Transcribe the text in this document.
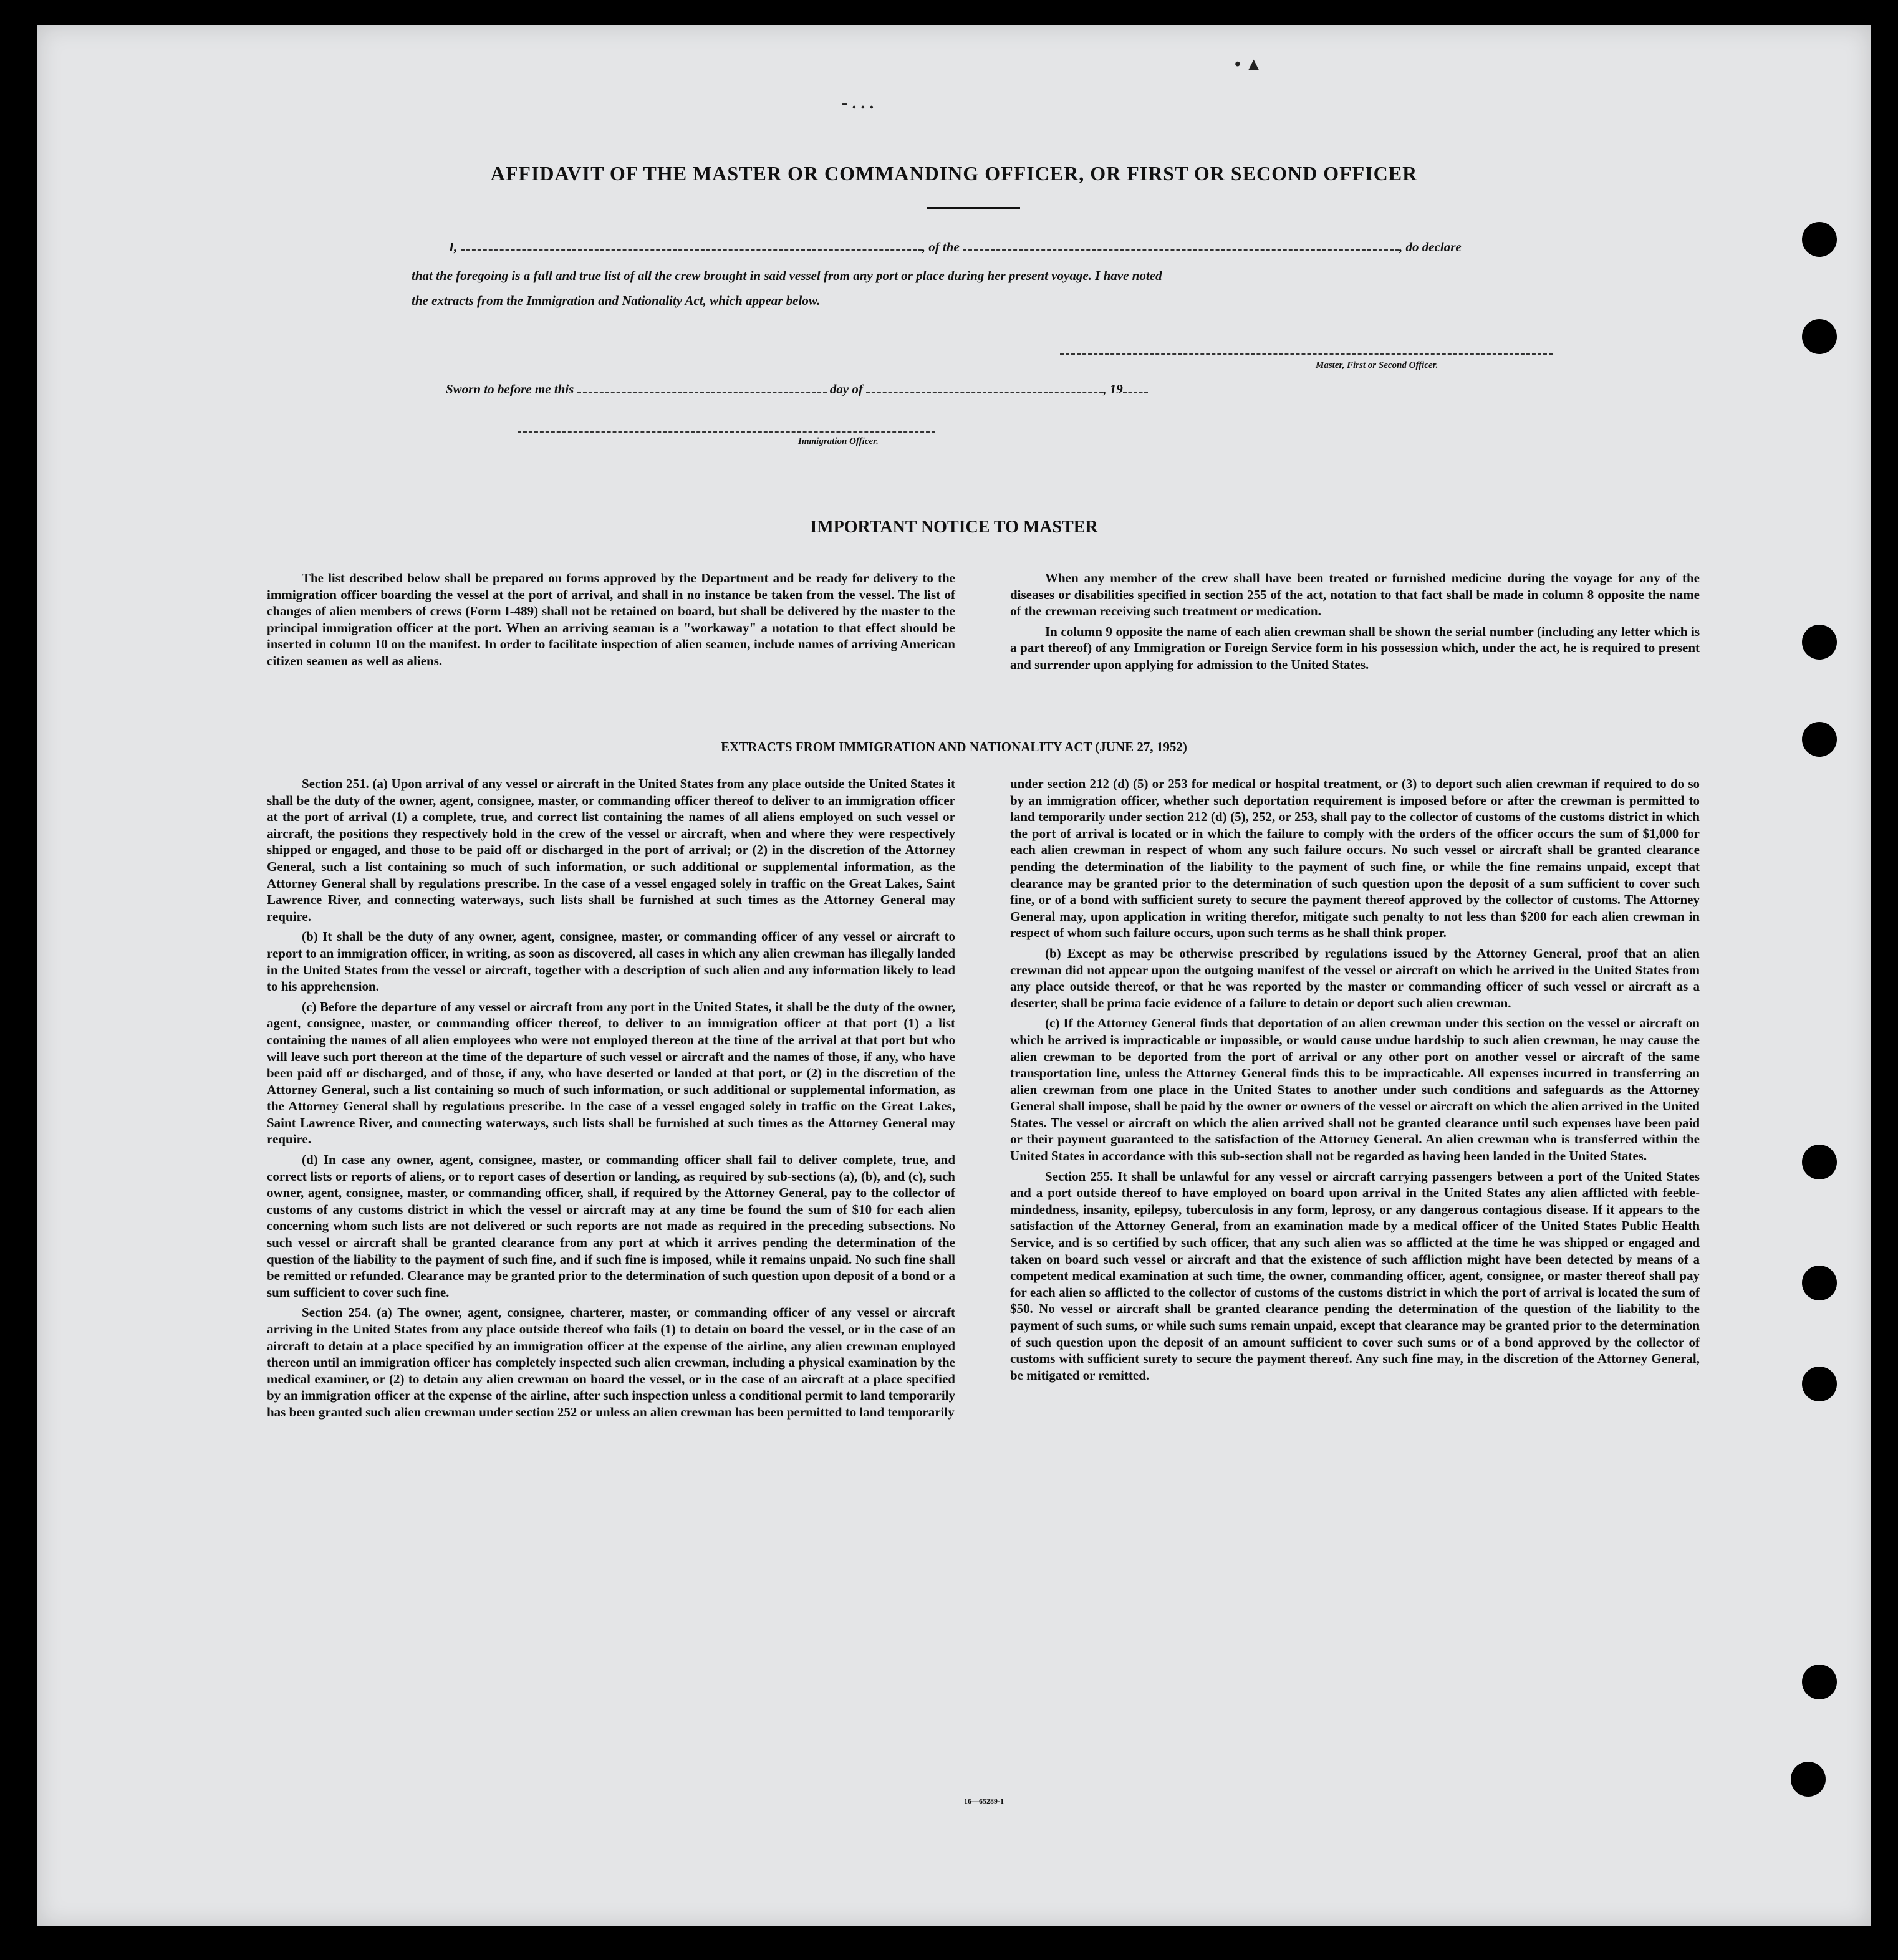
• ▲
- . . .
AFFIDAVIT OF THE MASTER OR COMMANDING OFFICER, OR FIRST OR SECOND OFFICER
I,	, of the	, do declare
that the foregoing is a full and true list of all the crew brought in said vessel from any port or place during her present voyage. I have noted
the extracts from the Immigration and Nationality Act, which appear below.
Master, First or Second Officer.
Sworn to before me this	day of	, 19
Immigration Officer.
IMPORTANT NOTICE TO MASTER

The list described below shall be prepared on forms approved by the Department and be ready for delivery to the immigration officer boarding the vessel at the port of arrival, and shall in no instance be taken from the vessel. The list of changes of alien members of crews (Form I-489) shall not be retained on board, but shall be delivered by the master to the principal immigration officer at the port. When an arriving seaman is a "workaway" a notation to that effect should be inserted in column 10 on the manifest. In order to facilitate inspection of alien seamen, include names of arriving American citizen seamen as well as aliens.

When any member of the crew shall have been treated or furnished medicine during the voyage for any of the diseases or disabilities specified in section 255 of the act, notation to that fact shall be made in column 8 opposite the name of the crewman receiving such treatment or medication.

In column 9 opposite the name of each alien crewman shall be shown the serial number (including any letter which is a part thereof) of any Immigration or Foreign Service form in his possession which, under the act, he is required to present and surrender upon applying for admission to the United States.

EXTRACTS FROM IMMIGRATION AND NATIONALITY ACT (JUNE 27, 1952)

Section 251. (a) Upon arrival of any vessel or aircraft in the United States from any place outside the United States it shall be the duty of the owner, agent, consignee, master, or commanding officer thereof to deliver to an immigration officer at the port of arrival (1) a complete, true, and correct list containing the names of all aliens employed on such vessel or aircraft, the positions they respectively hold in the crew of the vessel or aircraft, when and where they were respectively shipped or engaged, and those to be paid off or discharged in the port of arrival; or (2) in the discretion of the Attorney General, such a list containing so much of such information, or such additional or supplemental information, as the Attorney General shall by regulations prescribe. In the case of a vessel engaged solely in traffic on the Great Lakes, Saint Lawrence River, and connecting waterways, such lists shall be furnished at such times as the Attorney General may require.

(b) It shall be the duty of any owner, agent, consignee, master, or commanding officer of any vessel or aircraft to report to an immigration officer, in writing, as soon as discovered, all cases in which any alien crewman has illegally landed in the United States from the vessel or aircraft, together with a description of such alien and any information likely to lead to his apprehension.

(c) Before the departure of any vessel or aircraft from any port in the United States, it shall be the duty of the owner, agent, consignee, master, or commanding officer thereof, to deliver to an immigration officer at that port (1) a list containing the names of all alien employees who were not employed thereon at the time of the arrival at that port but who will leave such port thereon at the time of the departure of such vessel or aircraft and the names of those, if any, who have been paid off or discharged, and of those, if any, who have deserted or landed at that port, or (2) in the discretion of the Attorney General, such a list containing so much of such information, or such additional or supplemental information, as the Attorney General shall by regulations prescribe. In the case of a vessel engaged solely in traffic on the Great Lakes, Saint Lawrence River, and connecting waterways, such lists shall be furnished at such times as the Attorney General may require.

(d) In case any owner, agent, consignee, master, or commanding officer shall fail to deliver complete, true, and correct lists or reports of aliens, or to report cases of desertion or landing, as required by sub-sections (a), (b), and (c), such owner, agent, consignee, master, or commanding officer, shall, if required by the Attorney General, pay to the collector of customs of any customs district in which the vessel or aircraft may at any time be found the sum of $10 for each alien concerning whom such lists are not delivered or such reports are not made as required in the preceding subsections. No such vessel or aircraft shall be granted clearance from any port at which it arrives pending the determination of the question of the liability to the payment of such fine, and if such fine is imposed, while it remains unpaid. No such fine shall be remitted or refunded. Clearance may be granted prior to the determination of such question upon deposit of a bond or a sum sufficient to cover such fine.

Section 254. (a) The owner, agent, consignee, charterer, master, or commanding officer of any vessel or aircraft arriving in the United States from any place outside thereof who fails (1) to detain on board the vessel, or in the case of an aircraft to detain at a place specified by an immigration officer at the expense of the airline, any alien crewman employed thereon until an immigration officer has completely inspected such alien crewman, including a physical examination by the medical examiner, or (2) to detain any alien crewman on board the vessel, or in the case of an aircraft at a place specified by an immigration officer at the expense of the airline, after such inspection unless a conditional permit to land temporarily has been granted such alien crewman under section 252 or unless an alien crewman has been permitted to land temporarily

under section 212 (d) (5) or 253 for medical or hospital treatment, or (3) to deport such alien crewman if required to do so by an immigration officer, whether such deportation requirement is imposed before or after the crewman is permitted to land temporarily under section 212 (d) (5), 252, or 253, shall pay to the collector of customs of the customs district in which the port of arrival is located or in which the failure to comply with the orders of the officer occurs the sum of $1,000 for each alien crewman in respect of whom any such failure occurs. No such vessel or aircraft shall be granted clearance pending the determination of the liability to the payment of such fine, or while the fine remains unpaid, except that clearance may be granted prior to the determination of such question upon the deposit of a sum sufficient to cover such fine, or of a bond with sufficient surety to secure the payment thereof approved by the collector of customs. The Attorney General may, upon application in writing therefor, mitigate such penalty to not less than $200 for each alien crewman in respect of whom such failure occurs, upon such terms as he shall think proper.

(b) Except as may be otherwise prescribed by regulations issued by the Attorney General, proof that an alien crewman did not appear upon the outgoing manifest of the vessel or aircraft on which he arrived in the United States from any place outside thereof, or that he was reported by the master or commanding officer of such vessel or aircraft as a deserter, shall be prima facie evidence of a failure to detain or deport such alien crewman.

(c) If the Attorney General finds that deportation of an alien crewman under this section on the vessel or aircraft on which he arrived is impracticable or impossible, or would cause undue hardship to such alien crewman, he may cause the alien crewman to be deported from the port of arrival or any other port on another vessel or aircraft of the same transportation line, unless the Attorney General finds this to be impracticable. All expenses incurred in transferring an alien crewman from one place in the United States to another under such conditions and safeguards as the Attorney General shall impose, shall be paid by the owner or owners of the vessel or aircraft on which the alien arrived in the United States. The vessel or aircraft on which the alien arrived shall not be granted clearance until such expenses have been paid or their payment guaranteed to the satisfaction of the Attorney General. An alien crewman who is transferred within the United States in accordance with this sub-section shall not be regarded as having been landed in the United States.

Section 255. It shall be unlawful for any vessel or aircraft carrying passengers between a port of the United States and a port outside thereof to have employed on board upon arrival in the United States any alien afflicted with feeble-mindedness, insanity, epilepsy, tuberculosis in any form, leprosy, or any dangerous contagious disease. If it appears to the satisfaction of the Attorney General, from an examination made by a medical officer of the United States Public Health Service, and is so certified by such officer, that any such alien was so afflicted at the time he was shipped or engaged and taken on board such vessel or aircraft and that the existence of such affliction might have been detected by means of a competent medical examination at such time, the owner, commanding officer, agent, consignee, or master thereof shall pay for each alien so afflicted to the collector of customs of the customs district in which the port of arrival is located the sum of $50. No vessel or aircraft shall be granted clearance pending the determination of the question of the liability to the payment of such sums, or while such sums remain unpaid, except that clearance may be granted prior to the determination of such question upon the deposit of an amount sufficient to cover such sums or of a bond approved by the collector of customs with sufficient surety to secure the payment thereof. Any such fine may, in the discretion of the Attorney General, be mitigated or remitted.

16—65289-1
